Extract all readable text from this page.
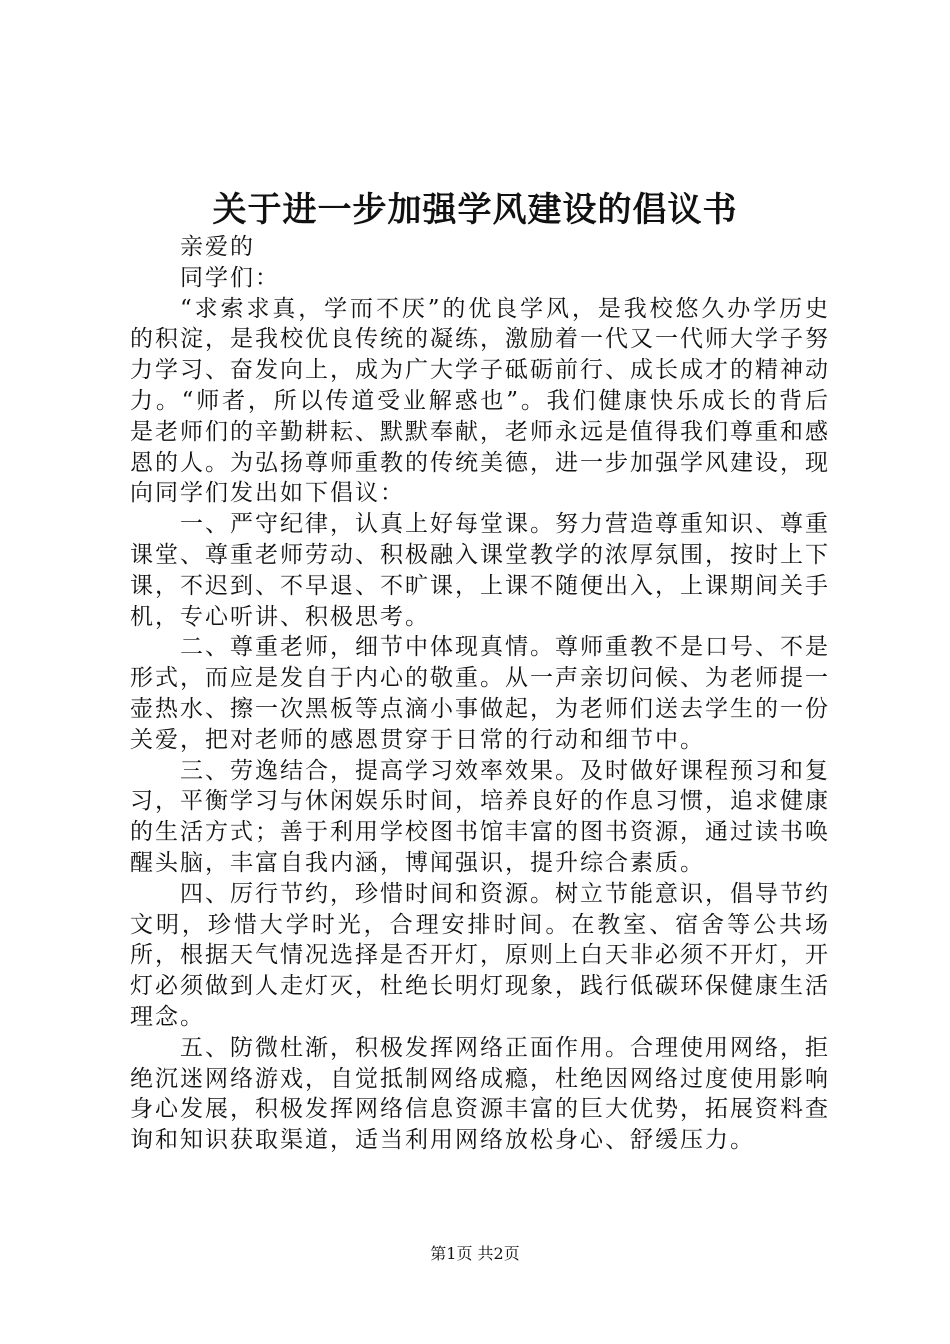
关于进一步加强学风建设的倡议书

亲爱的

同学们：

“求索求真，学而不厌”的优良学风，是我校悠久办学历史的积淀，是我校优良传统的凝练，激励着一代又一代师大学子努力学习、奋发向上，成为广大学子砥砺前行、成长成才的精神动力。“师者，所以传道受业解惑也”。我们健康快乐成长的背后是老师们的辛勤耕耘、默默奉献，老师永远是值得我们尊重和感恩的人。为弘扬尊师重教的传统美德，进一步加强学风建设，现向同学们发出如下倡议：

一、严守纪律，认真上好每堂课。努力营造尊重知识、尊重课堂、尊重老师劳动、积极融入课堂教学的浓厚氛围，按时上下课，不迟到、不早退、不旷课，上课不随便出入，上课期间关手机，专心听讲、积极思考。

二、尊重老师，细节中体现真情。尊师重教不是口号、不是形式，而应是发自于内心的敬重。从一声亲切问候、为老师提一壶热水、擦一次黑板等点滴小事做起，为老师们送去学生的一份关爱，把对老师的感恩贯穿于日常的行动和细节中。

三、劳逸结合，提高学习效率效果。及时做好课程预习和复习，平衡学习与休闲娱乐时间，培养良好的作息习惯，追求健康的生活方式；善于利用学校图书馆丰富的图书资源，通过读书唤醒头脑，丰富自我内涵，博闻强识，提升综合素质。

四、厉行节约，珍惜时间和资源。树立节能意识，倡导节约文明，珍惜大学时光，合理安排时间。在教室、宿舍等公共场所，根据天气情况选择是否开灯，原则上白天非必须不开灯，开灯必须做到人走灯灭，杜绝长明灯现象，践行低碳环保健康生活理念。

五、防微杜渐，积极发挥网络正面作用。合理使用网络，拒绝沉迷网络游戏，自觉抵制网络成瘾，杜绝因网络过度使用影响身心发展，积极发挥网络信息资源丰富的巨大优势，拓展资料查询和知识获取渠道，适当利用网络放松身心、舒缓压力。

第1页 共2页
